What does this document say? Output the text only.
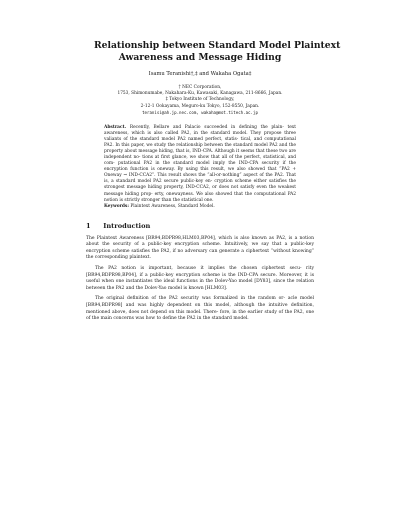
Relationship between Standard Model Plaintext
Awareness and Message Hiding
Isamu Teranishi†,‡ and Wakaha Ogata‡
† NEC Corporation,
1753, Shimonumabe, Nakahara-Ku, Kawasaki, Kanagawa, 211-8666, Japan.
‡ Tokyo Institute of Technology,
2-12-1 Ookayama, Meguro-ku Tokyo, 152-8550, Japan.
teranisi@ah.jp.nec.com, wakaha@mot.titech.ac.jp

Abstract. Recently, Bellare and Palacio succeeded in defining the plain- text awareness, which is also called PA2, in the standard model. They propose three valiants of the standard model PA2 named perfect, statis- tical, and computational PA2. In this paper, we study the relationship between the standard model PA2 and the property about message hiding, that is, IND-CPA. Although it seems that these two are independent no- tions at first glance, we show that all of the perfect, statistical, and com- putational PA2 in the standard model imply the IND-CPA security if the encryption function is oneway. By using this result, we also showed that “PA2 + Oneway ⇒ IND-CCA2”. This result shows the “all-or-nothing” aspect of the PA2. That is, a standard model PA2 secure public-key en- cryption scheme either satisfies the strongest message hiding property, IND-CCA2, or does not satisfy even the weakest message hiding prop- erty, onewayness. We also showed that the computational PA2 notion is strictly stronger than the statistical one.

Keywords: Plaintext Awareness, Standard Model.

1 Introduction

The Plaintext Awareness [BR94,BDPR98,HLM03,BP04], which is also known as PA2, is a notion about the security of a public-key encryption scheme. Intuitively, we say that a public-key encryption scheme satisfies the PA2, if no adversary can generate a ciphertext “without knowing” the corresponding plaintext.

The PA2 notion is important, because it implies the chosen ciphertext secu- rity [BR94,BDPR98,BP04], if a public-key encryption scheme is the IND-CPA secure. Moreover, it is useful when one instantiates the ideal functions in the Dolev-Yao model [DY83], since the relation between the PA2 and the Dolev-Yao model is known [HLM03].

The original definition of the PA2 security was formalized in the random or- acle model [BR94,BDPR98] and was highly dependent on this model, although the intuitive definition, mentioned above, does not depend on this model. There- fore, in the earlier study of the PA2, one of the main concerns was how to define the PA2 in the standard model.
